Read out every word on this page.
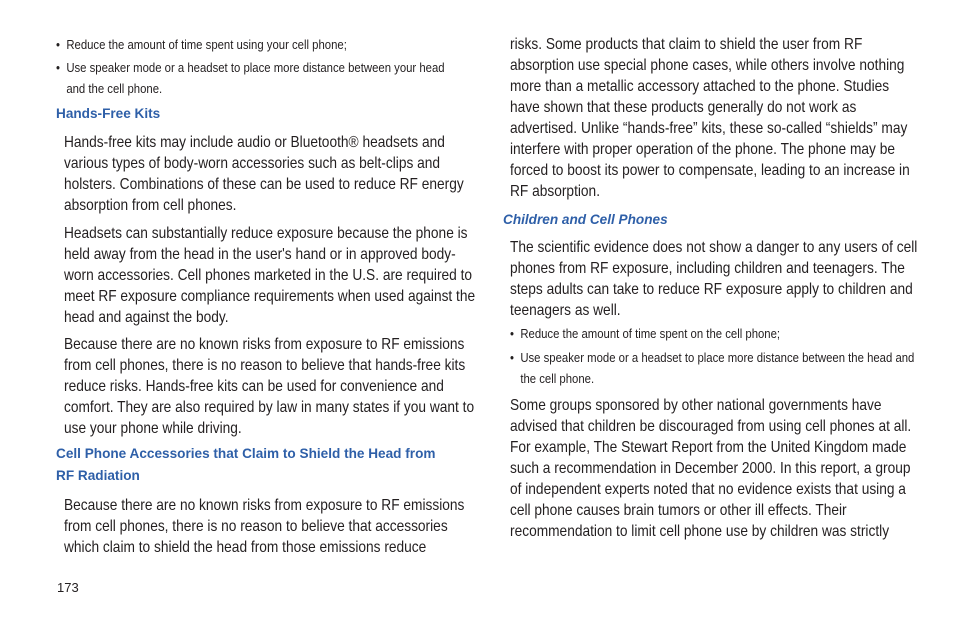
• Reduce the amount of time spent using your cell phone;
• Use speaker mode or a headset to place more distance between your head and the cell phone.
Hands-Free Kits
Hands-free kits may include audio or Bluetooth® headsets and various types of body-worn accessories such as belt-clips and holsters. Combinations of these can be used to reduce RF energy absorption from cell phones.
Headsets can substantially reduce exposure because the phone is held away from the head in the user's hand or in approved body-worn accessories. Cell phones marketed in the U.S. are required to meet RF exposure compliance requirements when used against the head and against the body.
Because there are no known risks from exposure to RF emissions from cell phones, there is no reason to believe that hands-free kits reduce risks. Hands-free kits can be used for convenience and comfort. They are also required by law in many states if you want to use your phone while driving.
Cell Phone Accessories that Claim to Shield the Head from RF Radiation
Because there are no known risks from exposure to RF emissions from cell phones, there is no reason to believe that accessories which claim to shield the head from those emissions reduce
risks. Some products that claim to shield the user from RF absorption use special phone cases, while others involve nothing more than a metallic accessory attached to the phone. Studies have shown that these products generally do not work as advertised. Unlike “hands-free” kits, these so-called “shields” may interfere with proper operation of the phone. The phone may be forced to boost its power to compensate, leading to an increase in RF absorption.
Children and Cell Phones
The scientific evidence does not show a danger to any users of cell phones from RF exposure, including children and teenagers. The steps adults can take to reduce RF exposure apply to children and teenagers as well.
• Reduce the amount of time spent on the cell phone;
• Use speaker mode or a headset to place more distance between the head and the cell phone.
Some groups sponsored by other national governments have advised that children be discouraged from using cell phones at all. For example, The Stewart Report from the United Kingdom made such a recommendation in December 2000. In this report, a group of independent experts noted that no evidence exists that using a cell phone causes brain tumors or other ill effects. Their recommendation to limit cell phone use by children was strictly
173
